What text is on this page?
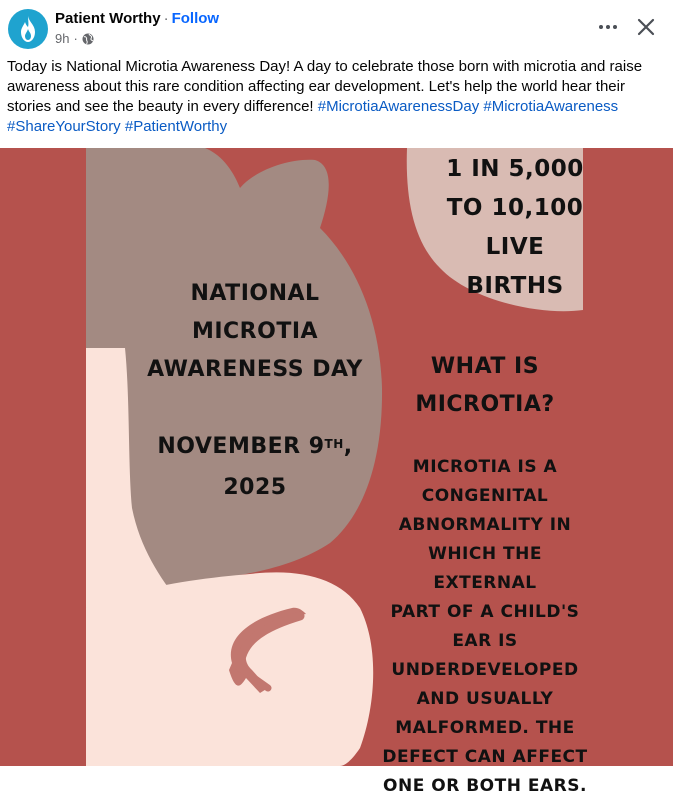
Patient Worthy · Follow
9h ·
Today is National Microtia Awareness Day! A day to celebrate those born with microtia and raise awareness about this rare condition affecting ear development. Let's help the world hear their stories and see the beauty in every difference! #MicrotiaAwarenessDay #MicrotiaAwareness #ShareYourStory #PatientWorthy
1 IN 5,000
TO 10,100
LIVE BIRTHS
NATIONAL
MICROTIA
AWARENESS DAY
NOVEMBER 9TH,
2025
WHAT IS
MICROTIA?
MICROTIA IS A
CONGENITAL
ABNORMALITY IN
WHICH THE EXTERNAL
PART OF A CHILD'S
EAR IS
UNDERDEVELOPED
AND USUALLY
MALFORMED. THE
DEFECT CAN AFFECT
ONE OR BOTH EARS.
